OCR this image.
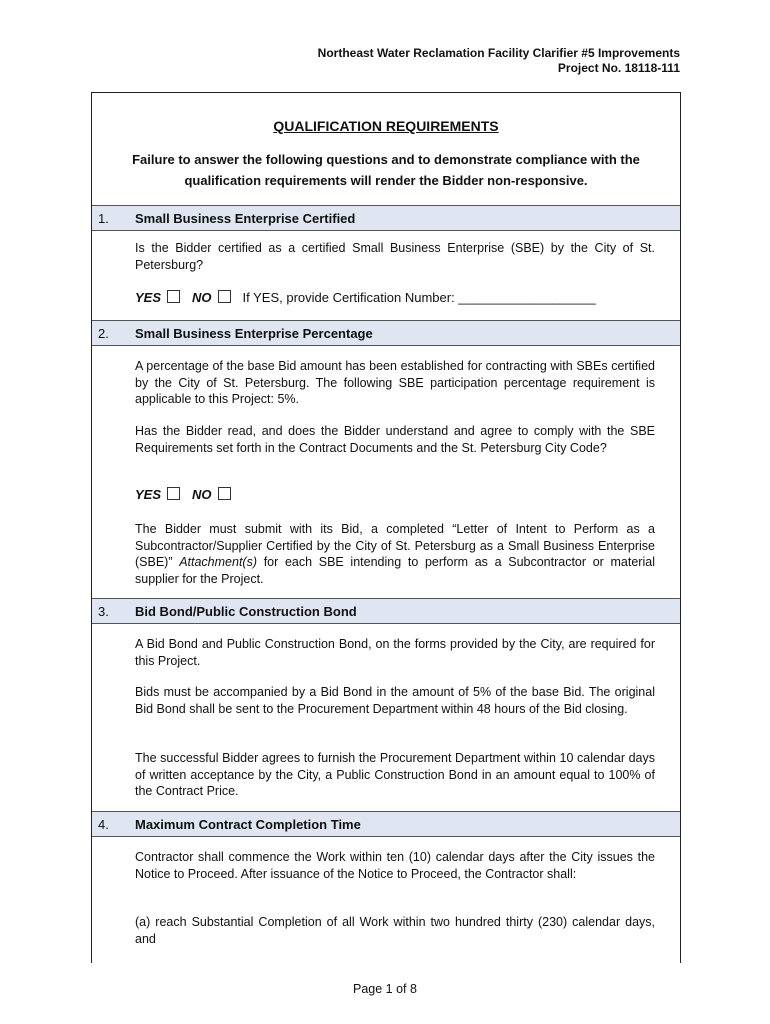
Northeast Water Reclamation Facility Clarifier #5 Improvements
Project No. 18118-111
QUALIFICATION REQUIREMENTS
Failure to answer the following questions and to demonstrate compliance with the qualification requirements will render the Bidder non-responsive.
1. Small Business Enterprise Certified
Is the Bidder certified as a certified Small Business Enterprise (SBE) by the City of St. Petersburg?
YES NO If YES, provide Certification Number: ___________________
2. Small Business Enterprise Percentage
A percentage of the base Bid amount has been established for contracting with SBEs certified by the City of St. Petersburg. The following SBE participation percentage requirement is applicable to this Project: 5%.
Has the Bidder read, and does the Bidder understand and agree to comply with the SBE Requirements set forth in the Contract Documents and the St. Petersburg City Code?
YES NO
The Bidder must submit with its Bid, a completed “Letter of Intent to Perform as a Subcontractor/Supplier Certified by the City of St. Petersburg as a Small Business Enterprise (SBE)” Attachment(s) for each SBE intending to perform as a Subcontractor or material supplier for the Project.
3. Bid Bond/Public Construction Bond
A Bid Bond and Public Construction Bond, on the forms provided by the City, are required for this Project.
Bids must be accompanied by a Bid Bond in the amount of 5% of the base Bid. The original Bid Bond shall be sent to the Procurement Department within 48 hours of the Bid closing.
The successful Bidder agrees to furnish the Procurement Department within 10 calendar days of written acceptance by the City, a Public Construction Bond in an amount equal to 100% of the Contract Price.
4. Maximum Contract Completion Time
Contractor shall commence the Work within ten (10) calendar days after the City issues the Notice to Proceed. After issuance of the Notice to Proceed, the Contractor shall:
(a) reach Substantial Completion of all Work within two hundred thirty (230) calendar days, and
Page 1 of 8
